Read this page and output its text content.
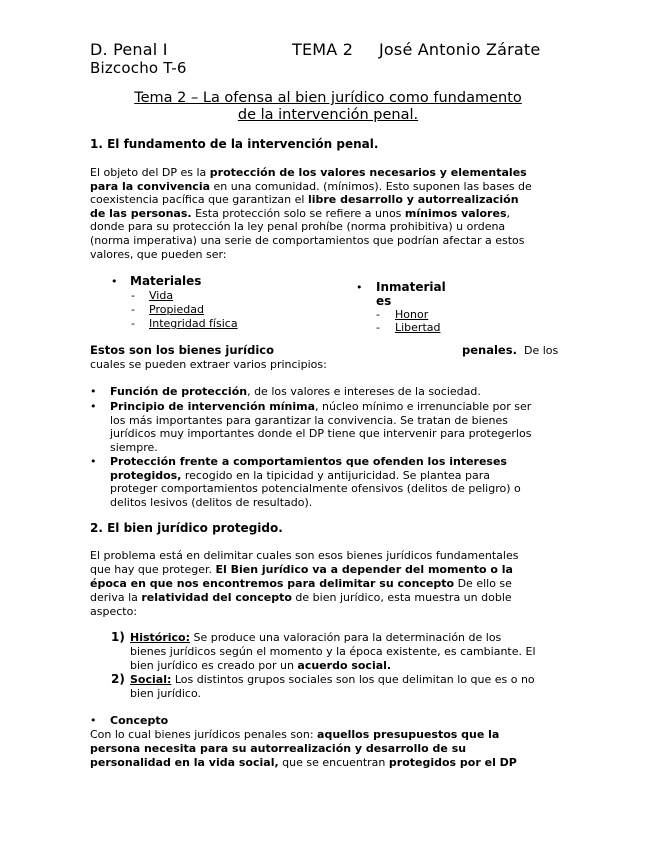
D. Penal I	TEMA 2 José Antonio Zárate
Bizcocho T-6
Tema 2 – La ofensa al bien jurídico como fundamento
de la intervención penal.
1. El fundamento de la intervención penal.
El objeto del DP es la protección de los valores necesarios y elementales
para la convivencia en una comunidad. (mínimos). Esto suponen las bases de
coexistencia pacífica que garantizan el libre desarrollo y autorrealización
de las personas. Esta protección solo se refiere a unos mínimos valores,
donde para su protección la ley penal prohíbe (norma prohibitiva) u ordena
(norma imperativa) una serie de comportamientos que podrían afectar a estos
valores, que pueden ser:
• Materiales
- Vida
- Propiedad
- Integridad física
• Inmaterial
es
- Honor
- Libertad
Estos son los bienes jurídico	penales. De los
cuales se pueden extraer varios principios:
• Función de protección, de los valores e intereses de la sociedad.
• Principio de intervención mínima, núcleo mínimo e irrenunciable por ser
los más importantes para garantizar la convivencia. Se tratan de bienes
jurídicos muy importantes donde el DP tiene que intervenir para protegerlos
siempre.
• Protección frente a comportamientos que ofenden los intereses
protegidos, recogido en la tipicidad y antijuricidad. Se plantea para
proteger comportamientos potencialmente ofensivos (delitos de peligro) o
delitos lesivos (delitos de resultado).
2. El bien jurídico protegido.
El problema está en delimitar cuales son esos bienes jurídicos fundamentales
que hay que proteger. El Bien jurídico va a depender del momento o la
época en que nos encontremos para delimitar su concepto De ello se
deriva la relatividad del concepto de bien jurídico, esta muestra un doble
aspecto:
1) Histórico: Se produce una valoración para la determinación de los
bienes jurídicos según el momento y la época existente, es cambiante. El
bien jurídico es creado por un acuerdo social.
2) Social: Los distintos grupos sociales son los que delimitan lo que es o no
bien jurídico.
• Concepto
Con lo cual bienes jurídicos penales son: aquellos presupuestos que la
persona necesita para su autorrealización y desarrollo de su
personalidad en la vida social, que se encuentran protegidos por el DP
